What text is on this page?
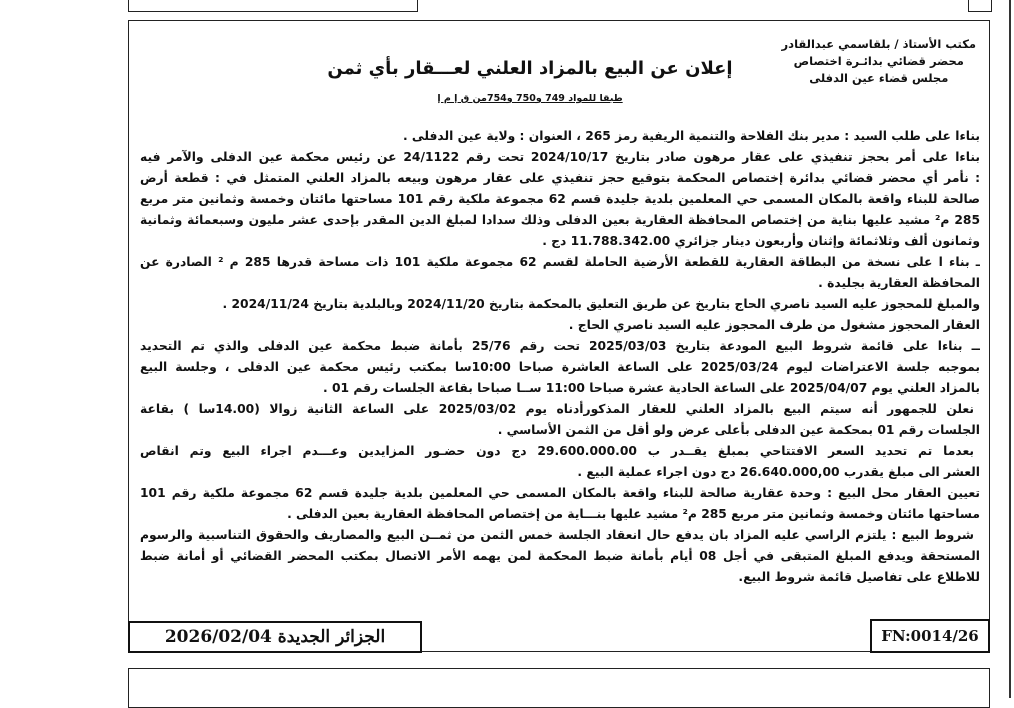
مكتب الأستاذ / بلقاسمي عبدالقادر
محضر قضائي بدائـرة اختصاص
مجلس قضاء عين الدفلى
إعلان عن البيع بالمزاد العلني لعـــقار بأي ثمن
طبقا للمواد 749 و750 و754من ق إ م إ
بناءا على طلب السيد : مدير بنك الفلاحة والتنمية الريفية رمز 265 ، العنوان : ولاية عين الدفلى .
بناءا على أمر بحجز تنفيذي على عقار مرهون صادر بتاريخ 2024/10/17 تحت رقم 24/1122 عن رئيس محكمة عين الدفلى والآمر فيه
: نأمر أي محضر قضائي بدائرة إختصاص المحكمة بتوقيع حجز تنفيذي على عقار مرهون وبيعه بالمزاد العلني المتمثل في : قطعة أرض
صالحة للبناء واقعة بالمكان المسمى حي المعلمين بلدية جليدة قسم 62 مجموعة ملكية رقم 101 مساحتها مائتان وخمسة وثمانين متر مربع
285 م² مشيد عليها بناية من إختصاص المحافظة العقارية بعين الدفلى وذلك سدادا لمبلغ الدين المقدر بإحدى عشر مليون وسبعمائة وثمانية
وثمانون ألف وثلاثمائة وإثنان وأربعون دينار جزائري 11.788.342.00 دج .
ـ بناء ا على نسخة من البطاقة العقارية للقطعة الأرضية الحاملة لقسم 62 مجموعة ملكية 101 ذات مساحة قدرها 285 م ² الصادرة عن
المحافظة العقارية بجليدة .
والمبلغ للمحجوز عليه السيد ناصري الحاج بتاريخ عن طريق التعليق بالمحكمة بتاريخ 2024/11/20 وبالبلدية بتاريخ 2024/11/24 .
العقار المحجوز مشغول من طرف المحجوز عليه السيد ناصري الحاج .
ــ بناءا على قائمة شروط البيع المودعة بتاريخ 2025/03/03 تحت رقم 25/76 بأمانة ضبط محكمة عين الدفلى والذي تم التحديد
بموجبه جلسة الاعتراضات ليوم 2025/03/24 على الساعة العاشرة صباحا 10:00سا بمكتب رئيس محكمة عين الدفلى ، وجلسة البيع
بالمزاد العلني يوم 2025/04/07 على الساعة الحادية عشرة صباحا 11:00 ســا صباحا بقاعة الجلسات رقم 01 .
نعلن للجمهور أنه سيتم البيع بالمزاد العلني للعقار المذكورأدناه يوم 2025/03/02 على الساعة الثانية زوالا (14.00سا ) بقاعة
الجلسات رقم 01 بمحكمة عين الدفلى بأعلى عرض ولو أقل من الثمن الأساسي .
بعدما تم تحديد السعر الافتتاحي بمبلغ يقــدر ب 29.600.000.00 دج دون حضـور المزايدين وعـــدم اجراء البيع وتم انقاص
العشر الى مبلغ يقدرب 26.640.000,00 دج دون اجراء عملية البيع .
تعيين العقار محل البيع : وحدة عقارية صالحة للبناء واقعة بالمكان المسمى حي المعلمين بلدية جليدة قسم 62 مجموعة ملكية رقم 101
مساحتها مائتان وخمسة وثمانين متر مربع 285 م² مشيد عليها بنـــاية من إختصاص المحافظة العقارية بعين الدفلى .
شروط البيع : يلتزم الراسي عليه المزاد بان يدفع حال انعقاد الجلسة خمس الثمن من ثمــن البيع والمصاريف والحقوق التناسبية والرسوم
المستحقة ويدفع المبلغ المتبقى في أجل 08 أيام بأمانة ضبط المحكمة لمن يهمه الأمر الاتصال بمكتب المحضر القضائي أو أمانة ضبط
للاطلاع على تفاصيل قائمة شروط البيع.
الجزائر الجديدة 2026/02/04	FN:0014/26
